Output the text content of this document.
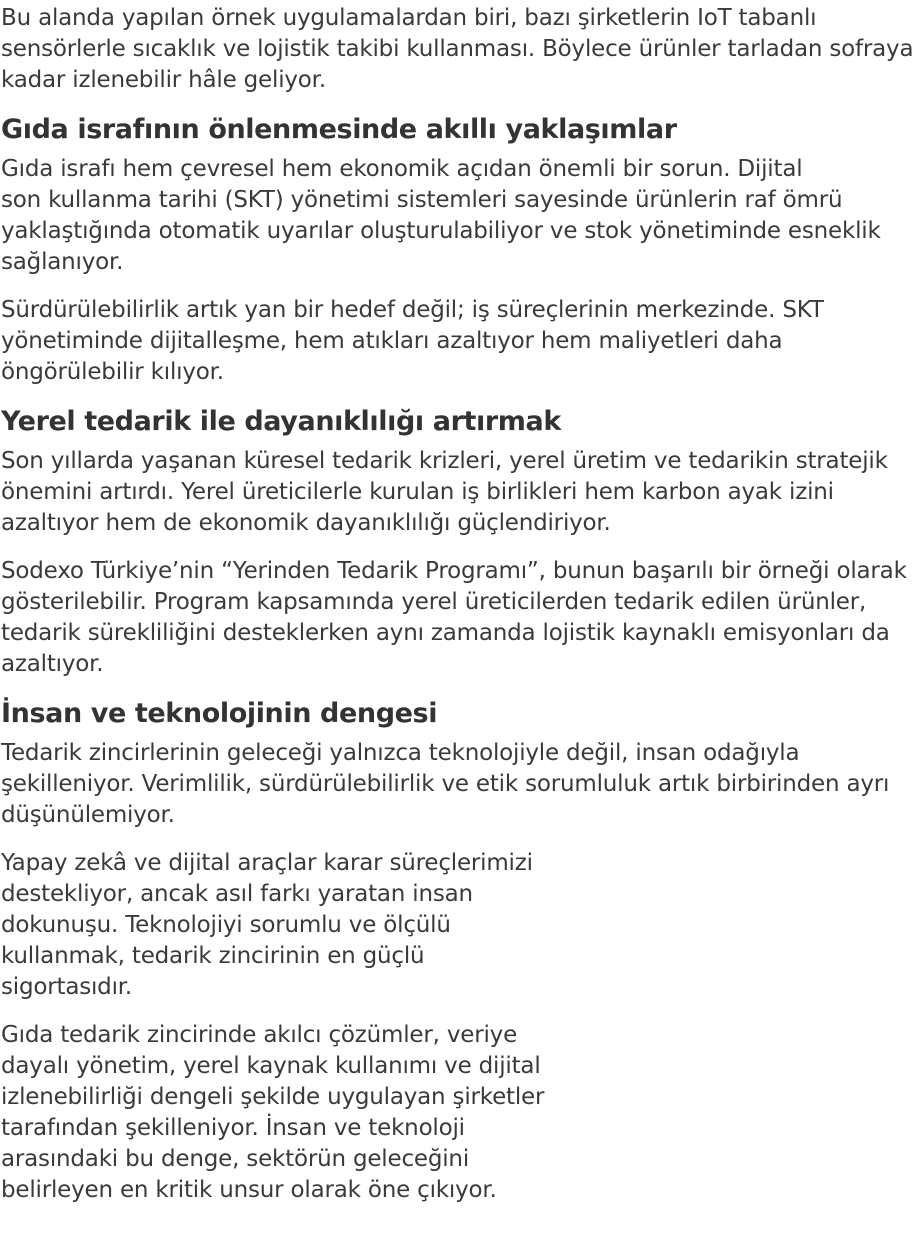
Bu alanda yapılan örnek uygulamalardan biri, bazı şirketlerin IoT tabanlı sensörlerle sıcaklık ve lojistik takibi kullanması. Böylece ürünler tarladan sofraya kadar izlenebilir hâle geliyor.

Gıda israfının önlenmesinde akıllı yaklaşımlar

Gıda israfı hem çevresel hem ekonomik açıdan önemli bir sorun. Dijital
son kullanma tarihi (SKT) yönetimi sistemleri sayesinde ürünlerin raf ömrü
yaklaştığında otomatik uyarılar oluşturulabiliyor ve stok yönetiminde esneklik
sağlanıyor.

Sürdürülebilirlik artık yan bir hedef değil; iş süreçlerinin merkezinde. SKT
yönetiminde dijitalleşme, hem atıkları azaltıyor hem maliyetleri daha
öngörülebilir kılıyor.

Yerel tedarik ile dayanıklılığı artırmak

Son yıllarda yaşanan küresel tedarik krizleri, yerel üretim ve tedarikin stratejik
önemini artırdı. Yerel üreticilerle kurulan iş birlikleri hem karbon ayak izini
azaltıyor hem de ekonomik dayanıklılığı güçlendiriyor.

Sodexo Türkiye’nin “Yerinden Tedarik Programı”, bunun başarılı bir örneği olarak
gösterilebilir. Program kapsamında yerel üreticilerden tedarik edilen ürünler,
tedarik sürekliliğini desteklerken aynı zamanda lojistik kaynaklı emisyonları da
azaltıyor.

İnsan ve teknolojinin dengesi

Tedarik zincirlerinin geleceği yalnızca teknolojiyle değil, insan odağıyla
şekilleniyor. Verimlilik, sürdürülebilirlik ve etik sorumluluk artık birbirinden ayrı
düşünülemiyor.

Yapay zekâ ve dijital araçlar karar süreçlerimizi
destekliyor, ancak asıl farkı yaratan insan
dokunuşu. Teknolojiyi sorumlu ve ölçülü
kullanmak, tedarik zincirinin en güçlü
sigortasıdır.

Gıda tedarik zincirinde akılcı çözümler, veriye
dayalı yönetim, yerel kaynak kullanımı ve dijital
izlenebilirliği dengeli şekilde uygulayan şirketler
tarafından şekilleniyor. İnsan ve teknoloji
arasındaki bu denge, sektörün geleceğini
belirleyen en kritik unsur olarak öne çıkıyor.
